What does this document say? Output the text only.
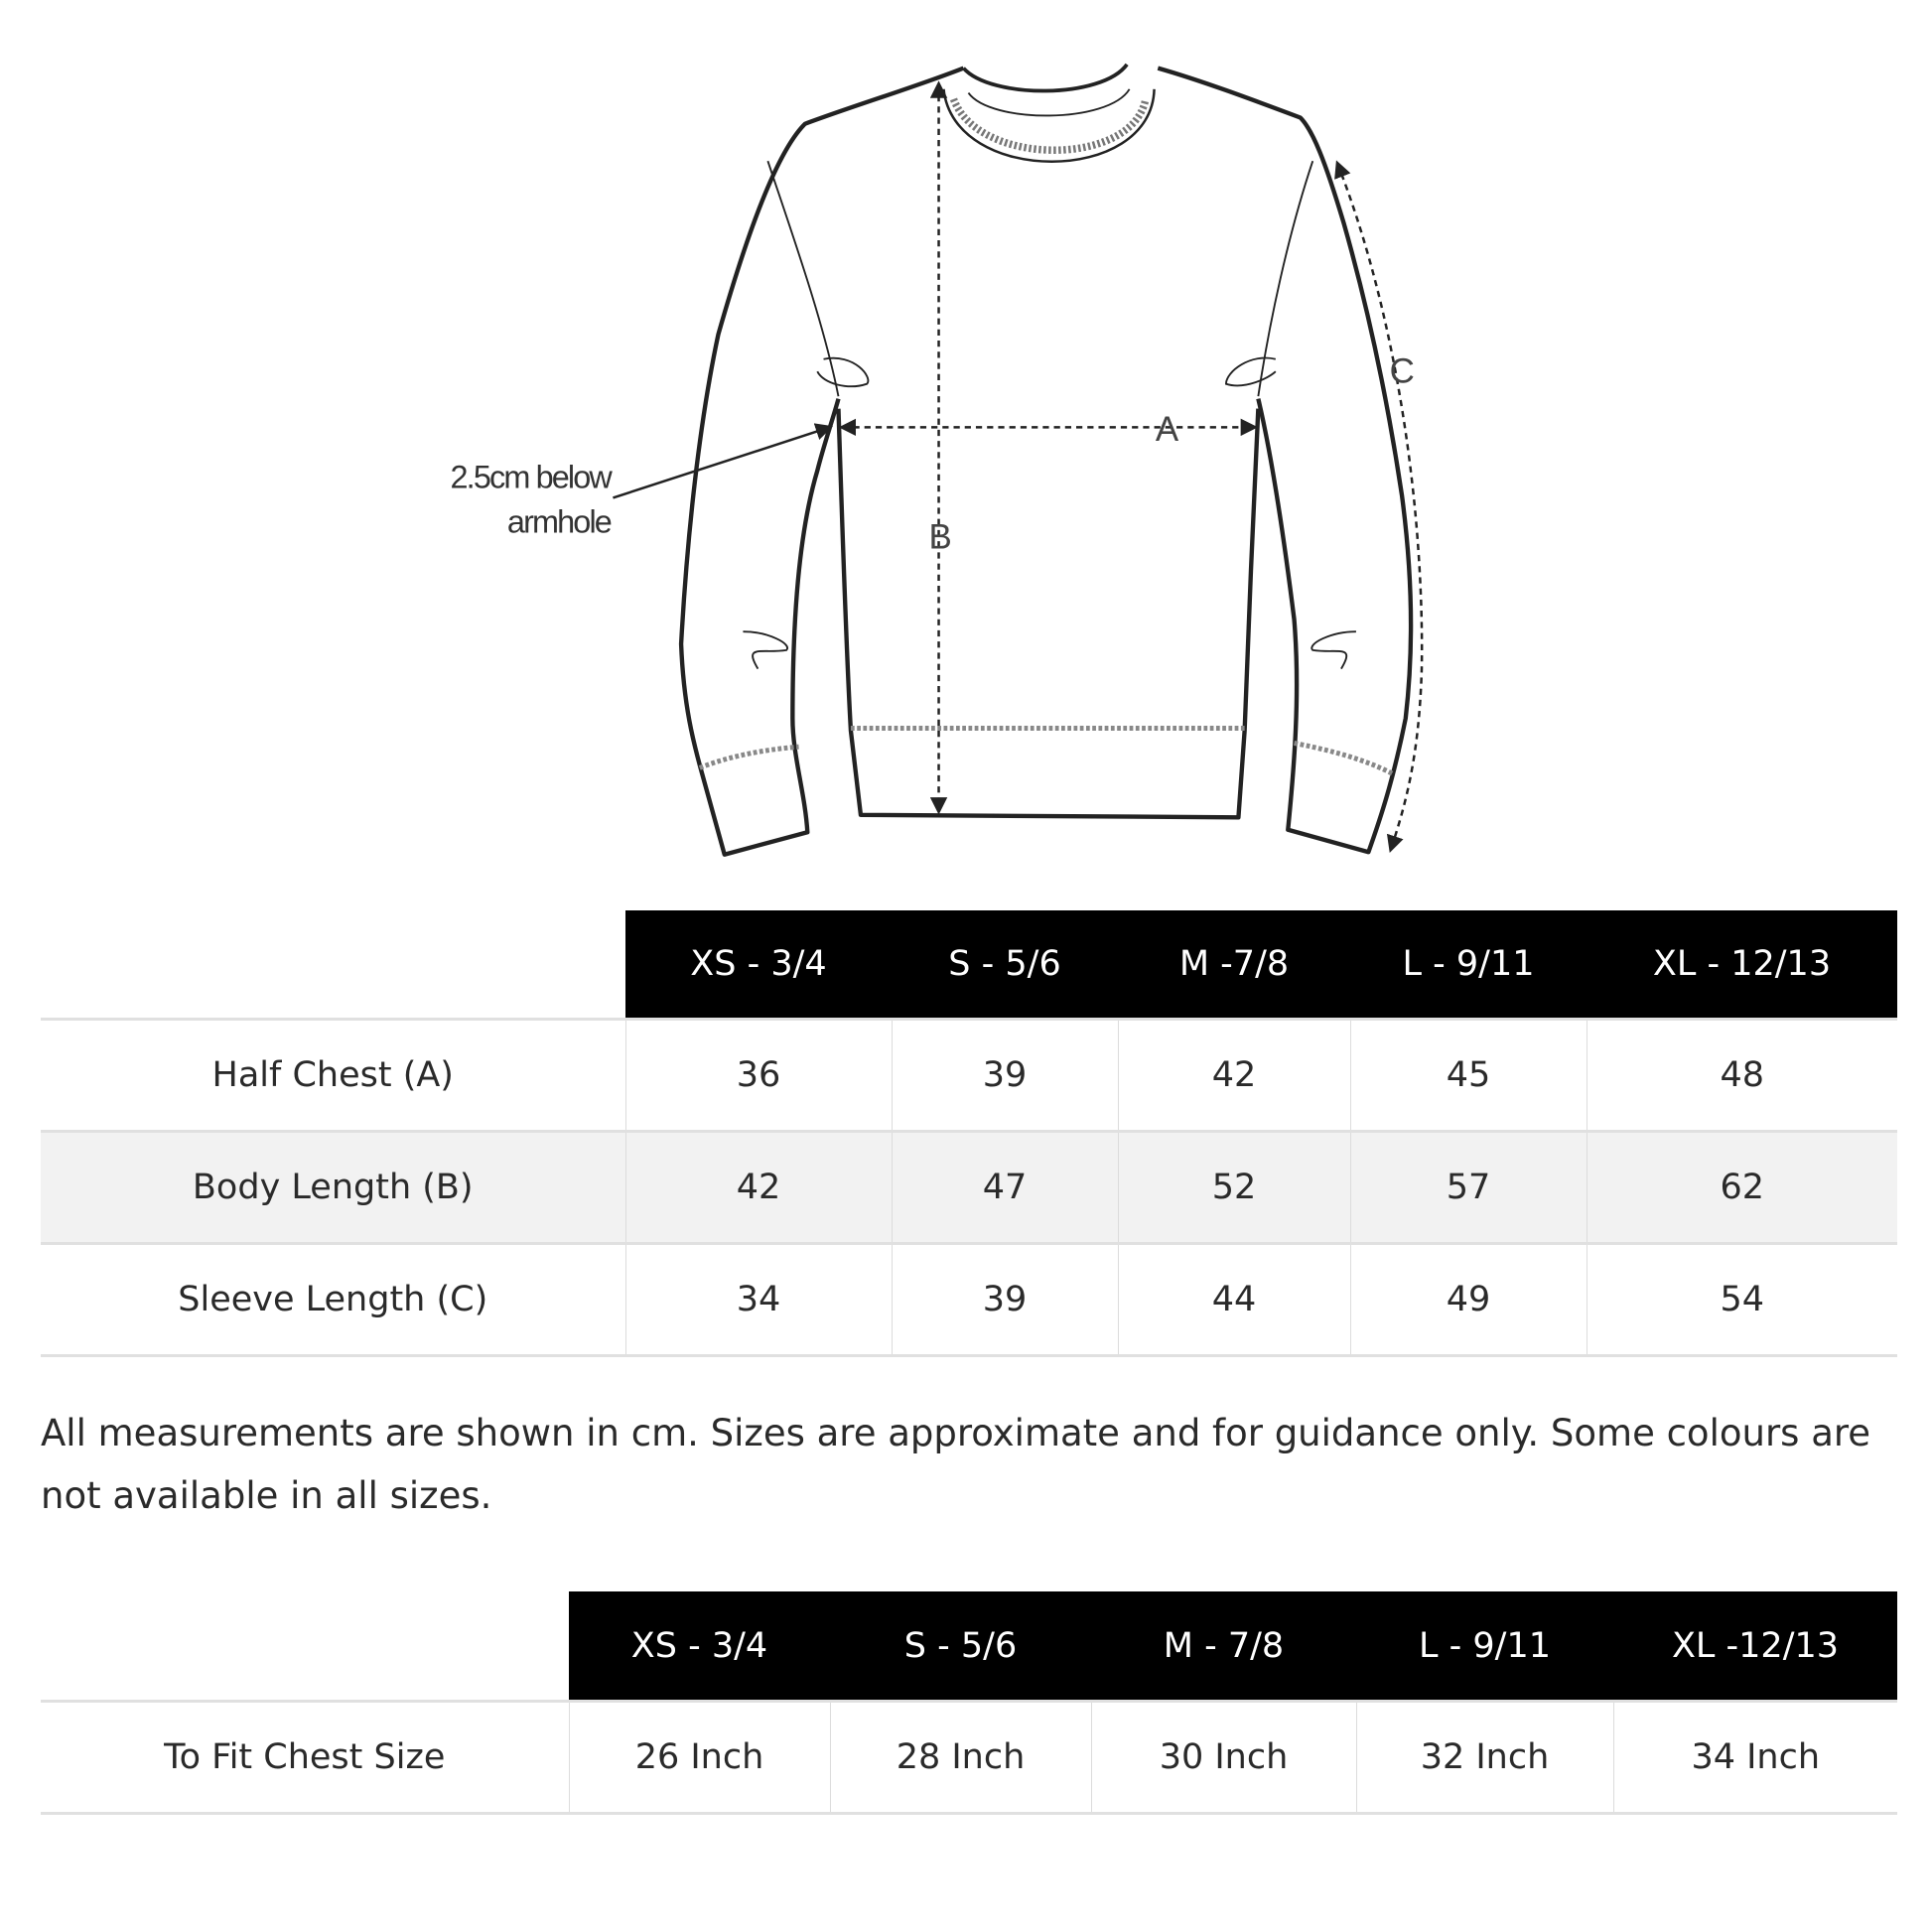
A
B
C
2.5cm below
armhole
	XS - 3/4	S - 5/6	M -7/8	L - 9/11	XL - 12/13
Half Chest (A)	36	39	42	45	48
Body Length (B)	42	47	52	57	62
Sleeve Length (C)	34	39	44	49	54
All measurements are shown in cm. Sizes are approximate and for guidance only. Some colours are not available in all sizes.
	XS - 3/4	S - 5/6	M - 7/8	L - 9/11	XL -12/13
To Fit Chest Size	26 Inch	28 Inch	30 Inch	32 Inch	34 Inch
